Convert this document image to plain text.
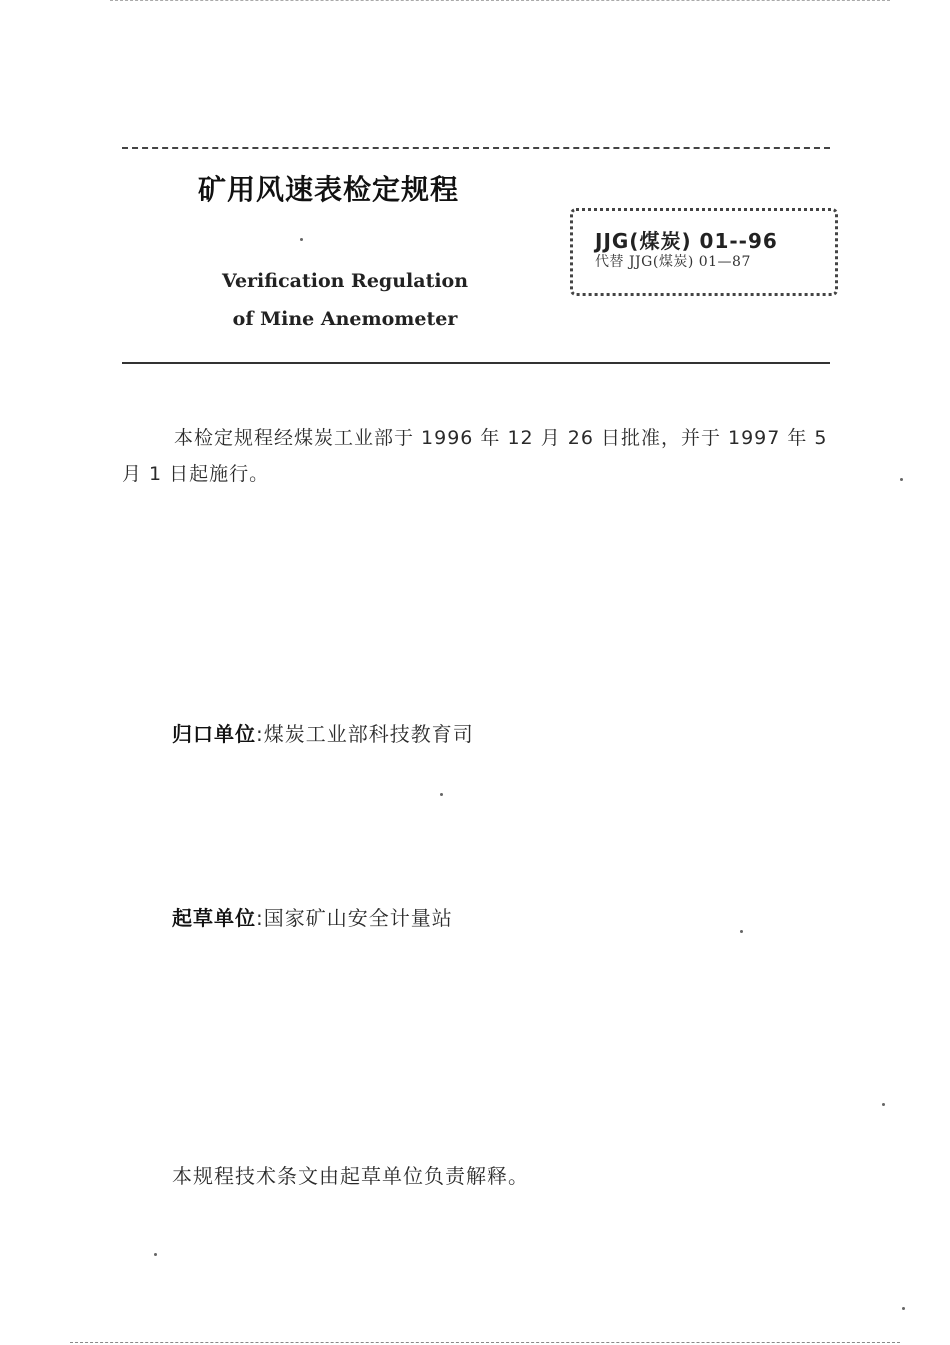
矿用风速表检定规程
Verification Regulation
of Mine Anemometer
JJG(煤炭) 01--96
代替 JJG(煤炭) 01—87
本检定规程经煤炭工业部于 1996 年 12 月 26 日批准，并于 1997 年 5 月 1 日起施行。
归口单位:煤炭工业部科技教育司
起草单位:国家矿山安全计量站
本规程技术条文由起草单位负责解释。
